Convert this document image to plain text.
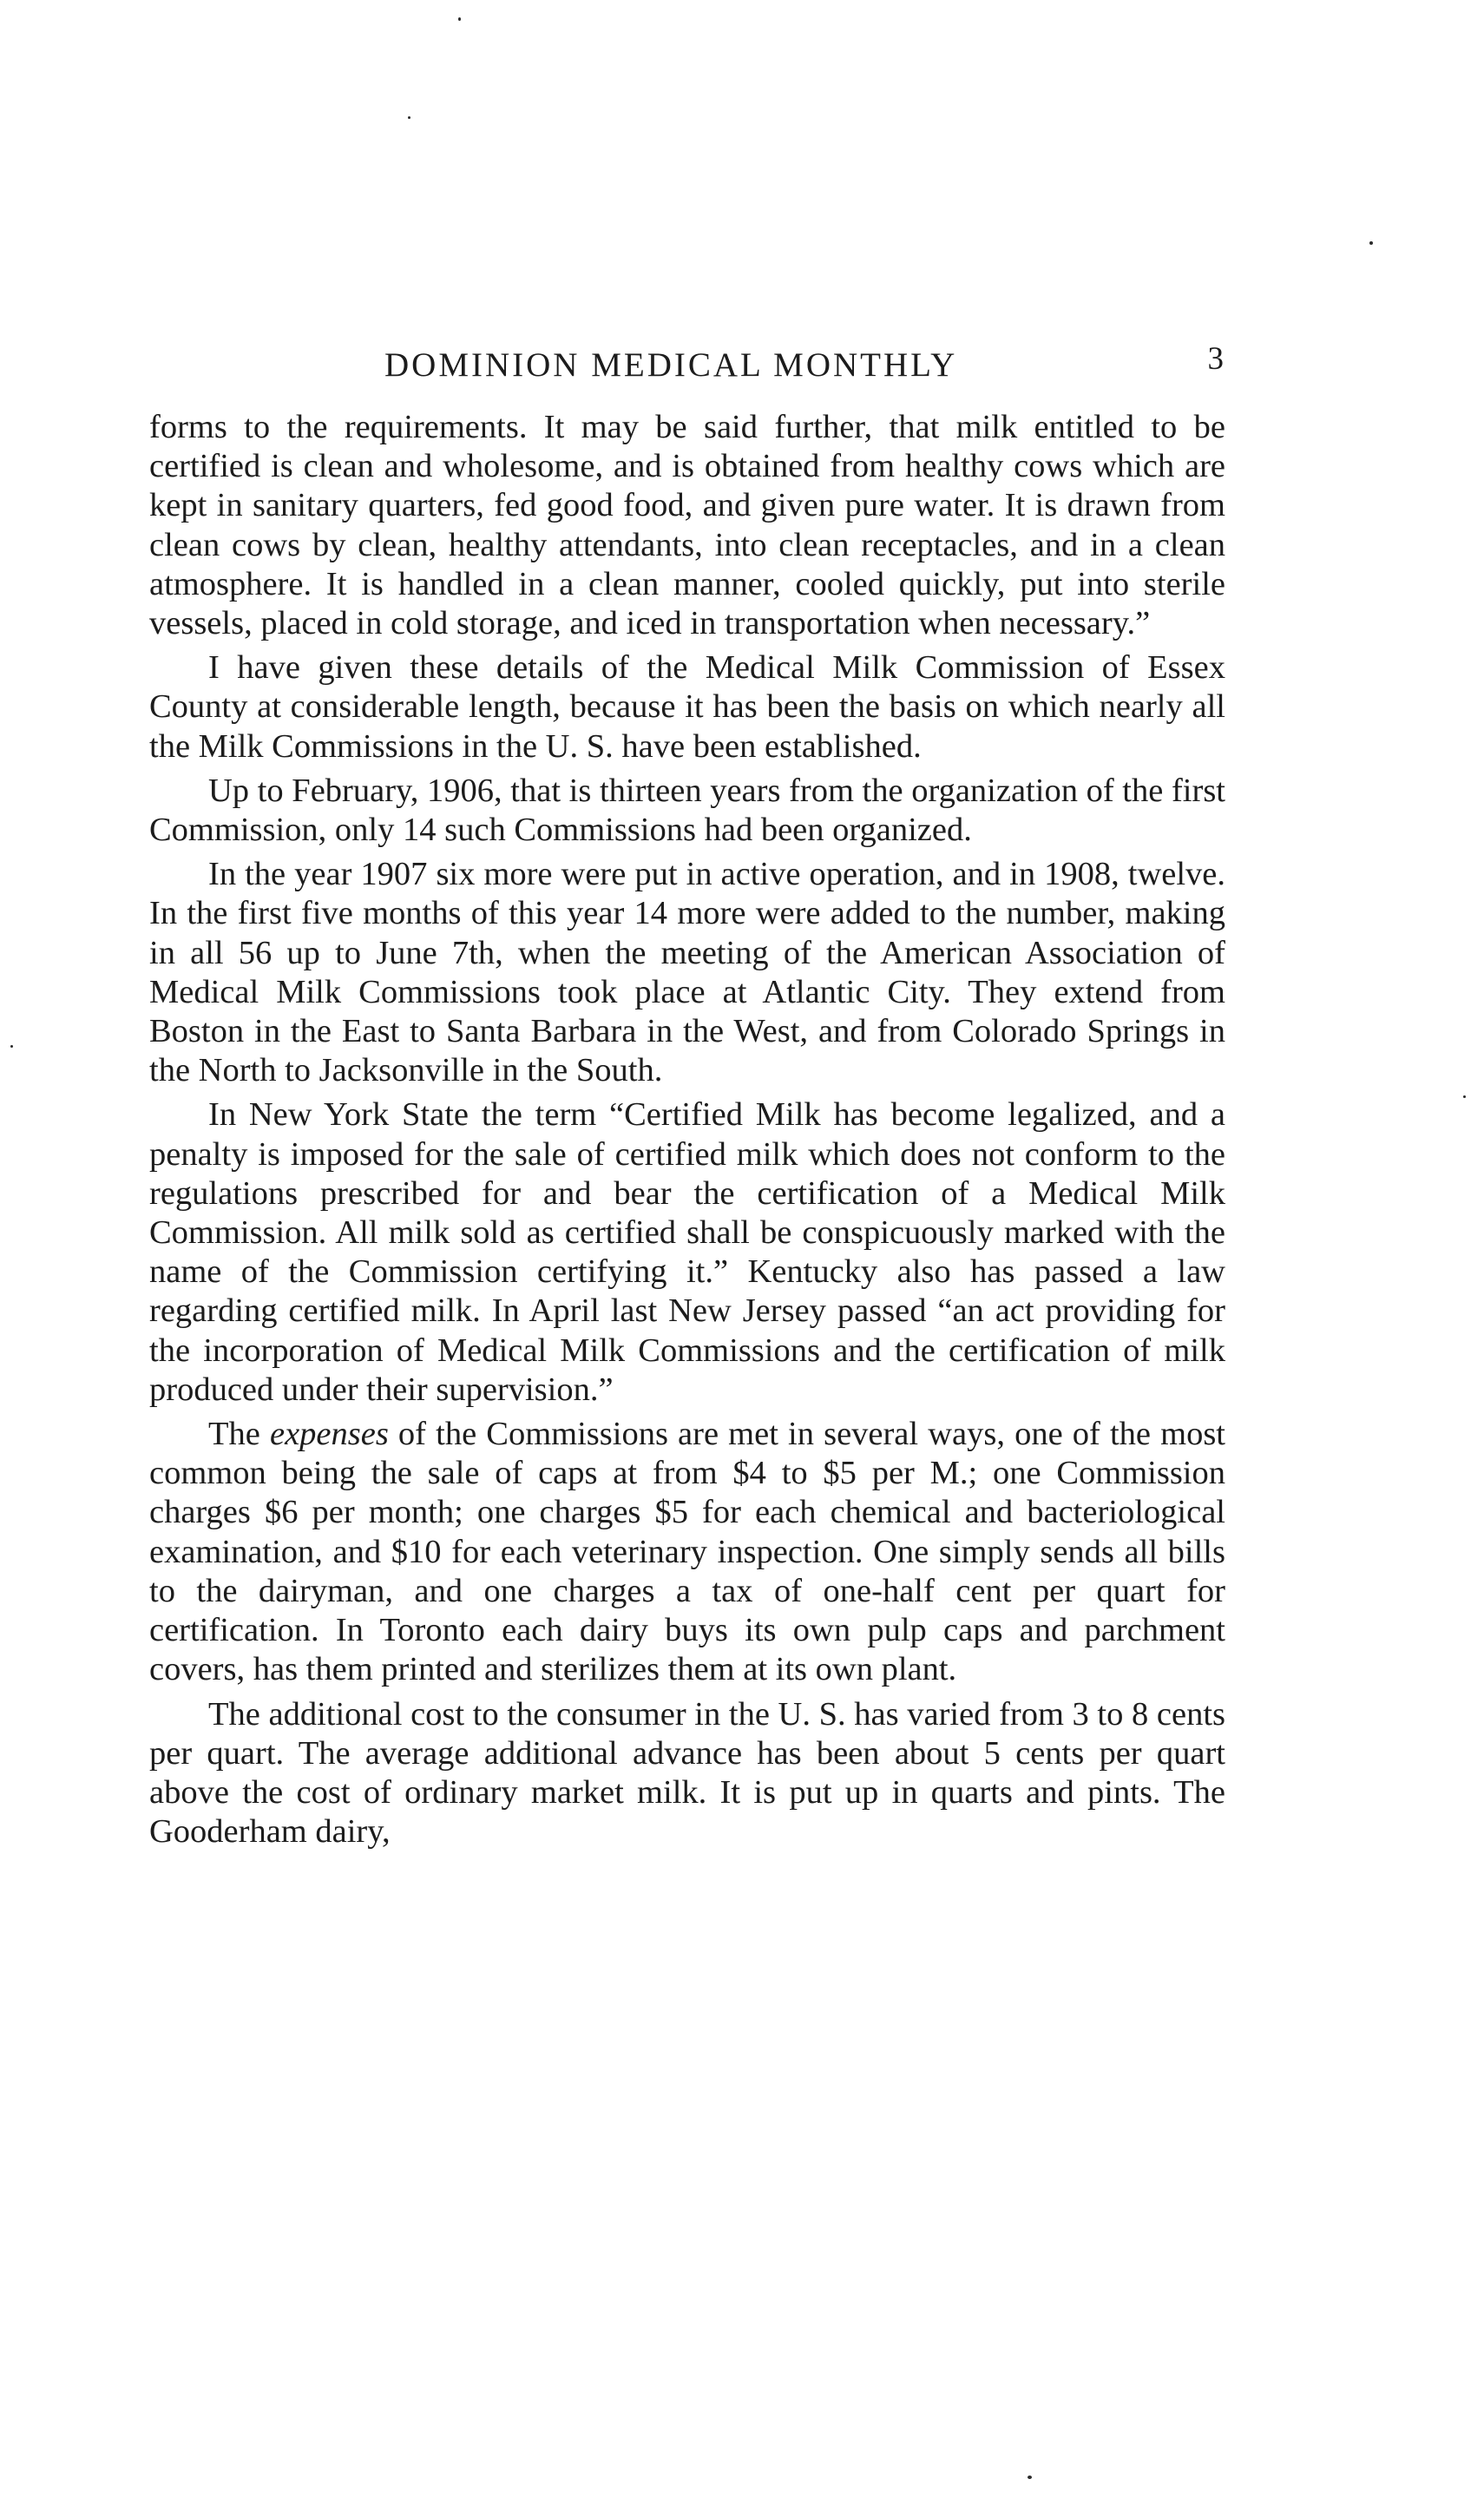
DOMINION MEDICAL MONTHLY	3

forms to the requirements. It may be said further, that milk entitled to be certified is clean and wholesome, and is obtained from healthy cows which are kept in sanitary quarters, fed good food, and given pure water. It is drawn from clean cows by clean, healthy attendants, into clean receptacles, and in a clean atmosphere. It is handled in a clean manner, cooled quickly, put into sterile vessels, placed in cold storage, and iced in transportation when necessary.”

I have given these details of the Medical Milk Commission of Essex County at considerable length, because it has been the basis on which nearly all the Milk Commissions in the U. S. have been established.

Up to February, 1906, that is thirteen years from the organization of the first Commission, only 14 such Commissions had been organized.

In the year 1907 six more were put in active operation, and in 1908, twelve. In the first five months of this year 14 more were added to the number, making in all 56 up to June 7th, when the meeting of the American Association of Medical Milk Commissions took place at Atlantic City. They extend from Boston in the East to Santa Barbara in the West, and from Colorado Springs in the North to Jacksonville in the South.

In New York State the term “Certified Milk has become legalized, and a penalty is imposed for the sale of certified milk which does not conform to the regulations prescribed for and bear the certification of a Medical Milk Commission. All milk sold as certified shall be conspicuously marked with the name of the Commission certifying it.” Kentucky also has passed a law regarding certified milk. In April last New Jersey passed “an act providing for the incorporation of Medical Milk Commissions and the certification of milk produced under their supervision.”

The expenses of the Commissions are met in several ways, one of the most common being the sale of caps at from $4 to $5 per M.; one Commission charges $6 per month; one charges $5 for each chemical and bacteriological examination, and $10 for each veterinary inspection. One simply sends all bills to the dairyman, and one charges a tax of one-half cent per quart for certification. In Toronto each dairy buys its own pulp caps and parchment covers, has them printed and sterilizes them at its own plant.

The additional cost to the consumer in the U. S. has varied from 3 to 8 cents per quart. The average additional advance has been about 5 cents per quart above the cost of ordinary market milk. It is put up in quarts and pints. The Gooderham dairy,
